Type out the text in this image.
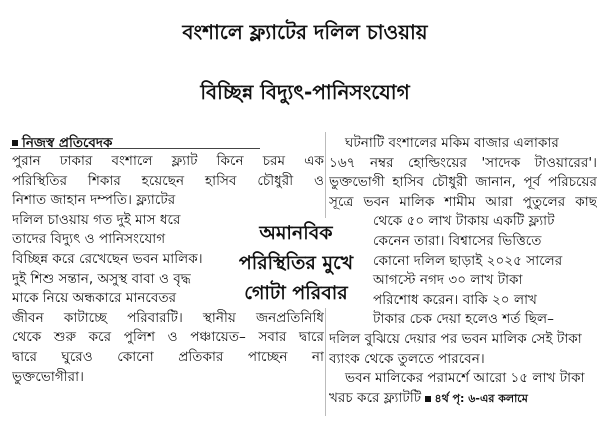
বংশালে ফ্ল্যাটের দলিল চাওয়ায়
বিচ্ছিন্ন বিদ্যুৎ-পানিসংযোগ
নিজস্ব প্রতিবেদক
পুরান ঢাকার বংশালে ফ্ল্যাট কিনে চরম এক
পরিস্থিতির শিকার হয়েছেন হাসিব চৌধুরী ও
নিশাত জাহান দম্পতি। ফ্ল্যাটের
দলিল চাওয়ায় গত দুই মাস ধরে
তাদের বিদ্যুৎ ও পানিসংযোগ
বিচ্ছিন্ন করে রেখেছেন ভবন মালিক।
দুই শিশু সন্তান, অসুস্থ বাবা ও বৃদ্ধ
মাকে নিয়ে অন্ধকারে মানবেতর
জীবন কাটাচ্ছে পরিবারটি। স্থানীয় জনপ্রতিনিধি
থেকে শুরু করে পুলিশ ও পঞ্চায়েত– সবার দ্বারে
দ্বারে ঘুরেও কোনো প্রতিকার পাচ্ছেন না
ভুক্তভোগীরা।
ঘটনাটি বংশালের মকিম বাজার এলাকার
১৬৭ নম্বর হোল্ডিংয়ের 'সাদেক টাওয়ারের'।
ভুক্তভোগী হাসিব চৌধুরী জানান, পূর্ব পরিচয়ের
সূত্রে ভবন মালিক শামীম আরা পুতুলের কাছ
থেকে ৫০ লাখ টাকায় একটি ফ্ল্যাট
কেনেন তারা। বিশ্বাসের ভিত্তিতে
কোনো দলিল ছাড়াই ২০২৫ সালের
আগস্টে নগদ ৩০ লাখ টাকা
পরিশোধ করেন। বাকি ২০ লাখ
টাকার চেক দেয়া হলেও শর্ত ছিল–
দলিল বুঝিয়ে দেয়ার পর ভবন মালিক সেই টাকা
ব্যাংক থেকে তুলতে পারবেন।
ভবন মালিকের পরামর্শে আরো ১৫ লাখ টাকা
খরচ করে ফ্ল্যাটটি ৪র্থ পৃ: ৬-এর কলামে
অমানবিক
পরিস্থিতির মুখে
গোটা পরিবার
